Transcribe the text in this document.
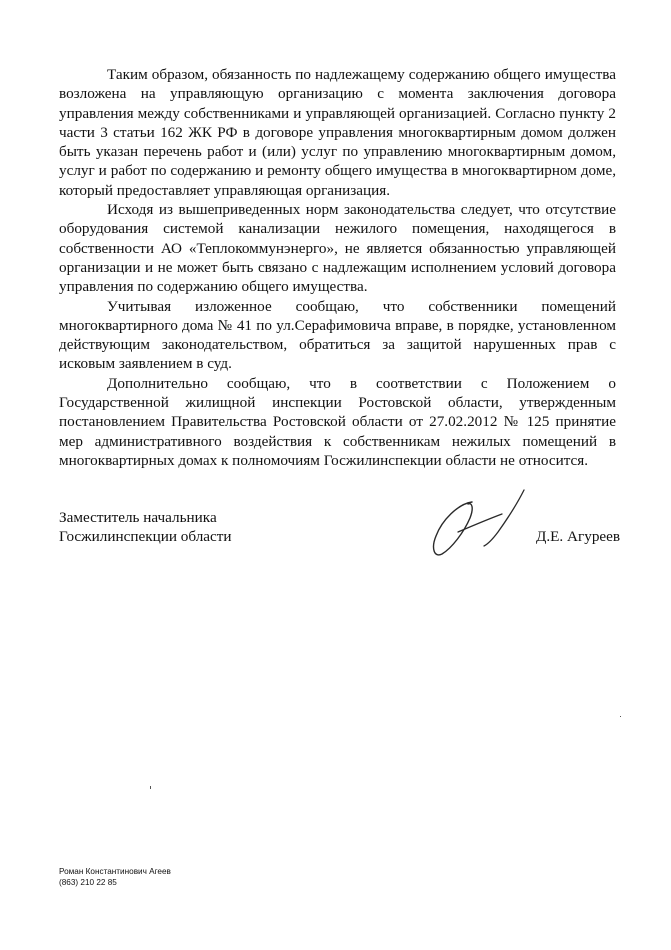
Таким образом, обязанность по надлежащему содержанию общего имущества возложена на управляющую организацию с момента заключения договора управления между собственниками и управляющей организацией. Согласно пункту 2 части 3 статьи 162 ЖК РФ в договоре управления многоквартирным домом должен быть указан перечень работ и (или) услуг по управлению многоквартирным домом, услуг и работ по содержанию и ремонту общего имущества в многоквартирном доме, который предоставляет управляющая организация.

Исходя из вышеприведенных норм законодательства следует, что отсутствие оборудования системой канализации нежилого помещения, находящегося в собственности АО «Теплокоммунэнерго», не является обязанностью управляющей организации и не может быть связано с надлежащим исполнением условий договора управления по содержанию общего имущества.

Учитывая изложенное сообщаю, что собственники помещений многоквартирного дома № 41 по ул.Серафимовича вправе, в порядке, установленном действующим законодательством, обратиться за защитой нарушенных прав с исковым заявлением в суд.

Дополнительно сообщаю, что в соответствии с Положением о Государственной жилищной инспекции Ростовской области, утвержденным постановлением Правительства Ростовской области от 27.02.2012 № 125 принятие мер административного воздействия к собственникам нежилых помещений в многоквартирных домах к полномочиям Госжилинспекции области не относится.

Заместитель начальника
Госжилинспекции области	Д.Е. Агуреев
Роман Константинович Агеев
(863) 210 22 85
